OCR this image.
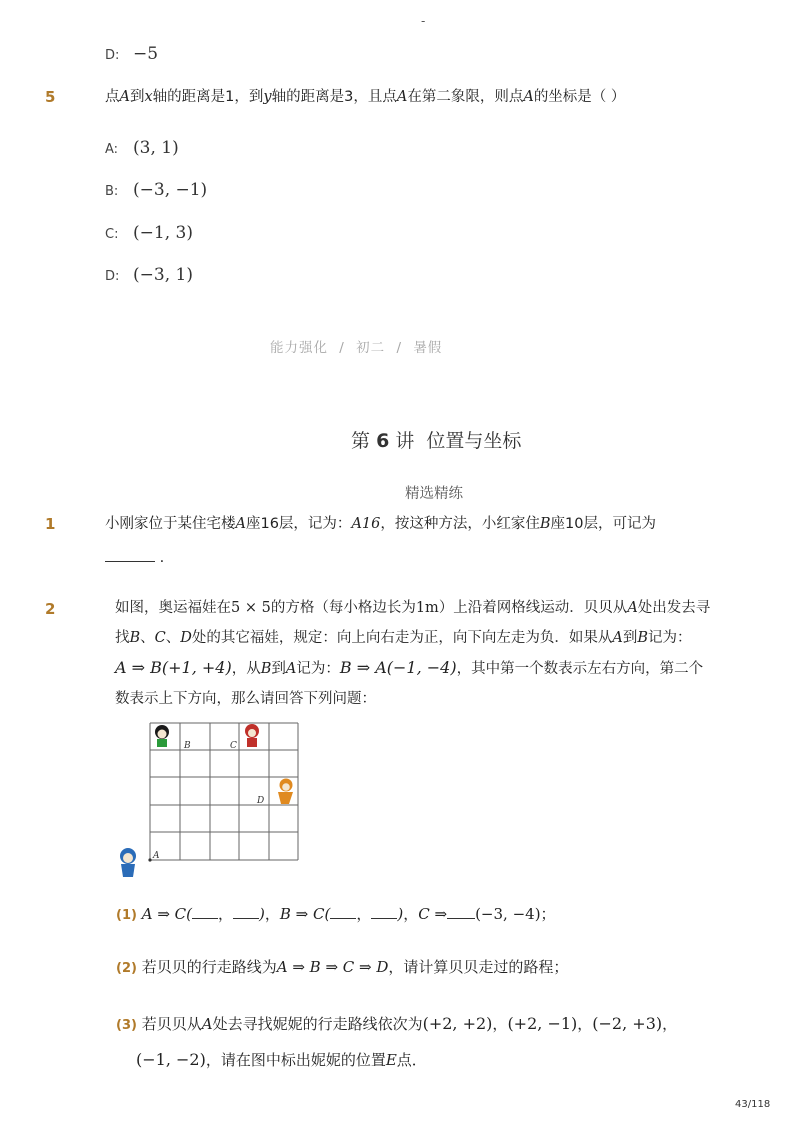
-
D: −5
5	点A到x轴的距离是1，到y轴的距离是3，且点A在第二象限，则点A的坐标是（ ）
A: (3, 1)
B: (−3, −1)
C: (−1, 3)
D: (−3, 1)
能力强化 / 初二 / 暑假
第 6 讲 位置与坐标
精选精练
1	小刚家位于某住宅楼A座16层，记为：A16，按这种方法，小红家住B座10层，可记为
.
2	如图，奥运福娃在5 × 5的方格（每小格边长为1m）上沿着网格线运动．贝贝从A处出发去寻
找B、C、D处的其它福娃，规定：向上向右走为正，向下向左走为负．如果从A到B记为：
A ⇒ B(+1, +4)，从B到A记为：B ⇒ A(−1, −4)，其中第一个数表示左右方向，第二个
数表示上下方向，那么请回答下列问题：
B	C
D
A
(1) A ⇒ C( ， )，B ⇒ C( ， )，C ⇒ (−3, −4)；
(2) 若贝贝的行走路线为A ⇒ B ⇒ C ⇒ D，请计算贝贝走过的路程；
(3) 若贝贝从A处去寻找妮妮的行走路线依次为(+2, +2)，(+2, −1)，(−2, +3)，
(−1, −2)，请在图中标出妮妮的位置E点．
43/118
